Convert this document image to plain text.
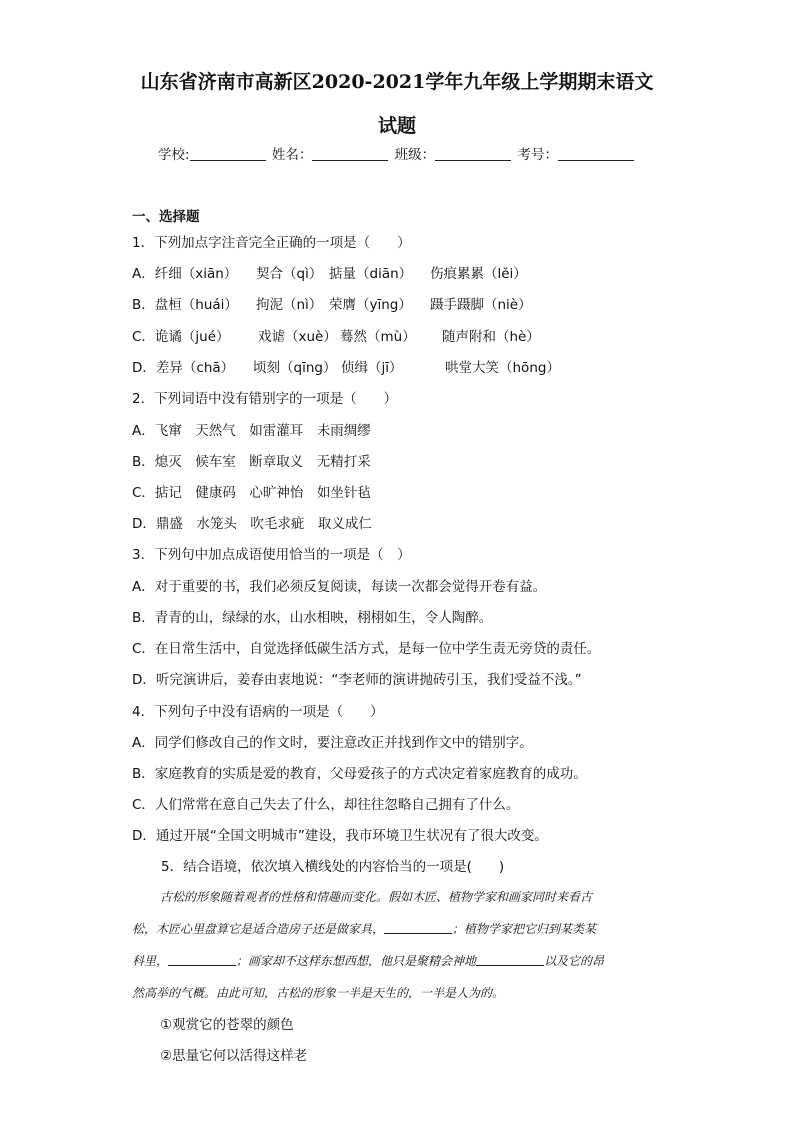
山东省济南市高新区2020-2021学年九年级上学期期末语文
试题
学校:	姓名：	班级：	考号：
一、选择题
1．下列加点字注音完全正确的一项是（　　）
A．纤细（xiān） 契合（qì） 掂量（diān） 伤痕累累（lěi）
B．盘桓（huái） 拘泥（nì） 荣膺（yīng） 蹑手蹑脚（niè）
C．诡谲（jué） 戏谑（xuè） 蓦然（mù） 随声附和（hè）
D．差异（chā） 顷刻（qīng） 侦缉（jī）	哄堂大笑（hōng）
2．下列词语中没有错别字的一项是（　　）
A．飞窜　天然气　如雷灌耳　未雨绸缪
B．熄灭　候车室　断章取义　无精打采
C．掂记　健康码　心旷神怡　如坐针毡
D．鼎盛　水笼头　吹毛求疵　取义成仁
3．下列句中加点成语使用恰当的一项是（　）
A．对于重要的书，我们必须反复阅读，每读一次都会觉得开卷有益。
B．青青的山，绿绿的水，山水相映，栩栩如生，令人陶醉。
C．在日常生活中，自觉选择低碳生活方式，是每一位中学生责无旁贷的责任。
D．听完演讲后，姜春由衷地说：“李老师的演讲抛砖引玉，我们受益不浅。”
4．下列句子中没有语病的一项是（　　）
A．同学们修改自己的作文时，要注意改正并找到作文中的错别字。
B．家庭教育的实质是爱的教育，父母爱孩子的方式决定着家庭教育的成功。
C．人们常常在意自己失去了什么，却往往忽略自己拥有了什么。
D．通过开展“全国文明城市”建设，我市环境卫生状况有了很大改变。
5．结合语境，依次填入横线处的内容恰当的一项是(　　)
古松的形象随着观者的性格和情趣而变化。假如木匠、植物学家和画家同时来看古
松，木匠心里盘算它是适合造房子还是做家具，	；植物学家把它归到某类某
科里，	；画家却不这样东想西想，他只是聚精会神地	以及它的昂
然高举的气概。由此可知，古松的形象一半是天生的，一半是人为的。
①观赏它的苍翠的颜色
②思量它何以活得这样老
